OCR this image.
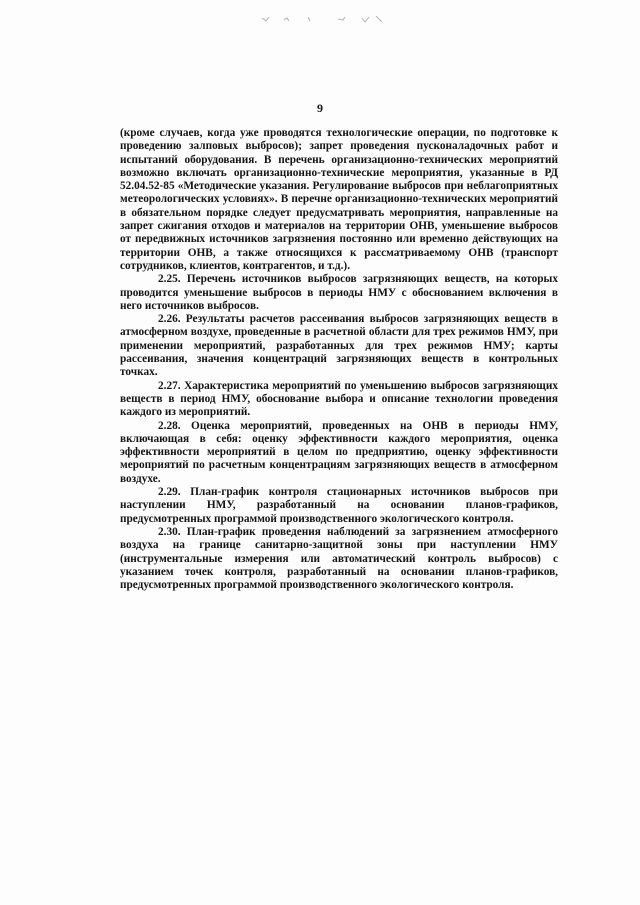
9

(кроме случаев, когда уже проводятся технологические операции, по подготовке к проведению залповых выбросов); запрет проведения пусконаладочных работ и испытаний оборудования. В перечень организационно-технических мероприятий возможно включать организационно-технические мероприятия, указанные в РД 52.04.52-85 «Методические указания. Регулирование выбросов при неблагоприятных метеорологических условиях». В перечне организационно-технических мероприятий в обязательном порядке следует предусматривать мероприятия, направленные на запрет сжигания отходов и материалов на территории ОНВ, уменьшение выбросов от передвижных источников загрязнения постоянно или временно действующих на территории ОНВ, а также относящихся к рассматриваемому ОНВ (транспорт сотрудников, клиентов, контрагентов, и т.д.).

2.25. Перечень источников выбросов загрязняющих веществ, на которых проводится уменьшение выбросов в периоды НМУ с обоснованием включения в него источников выбросов.

2.26. Результаты расчетов рассеивания выбросов загрязняющих веществ в атмосферном воздухе, проведенные в расчетной области для трех режимов НМУ, при применении мероприятий, разработанных для трех режимов НМУ; карты рассеивания, значения концентраций загрязняющих веществ в контрольных точках.

2.27. Характеристика мероприятий по уменьшению выбросов загрязняющих веществ в период НМУ, обоснование выбора и описание технологии проведения каждого из мероприятий.

2.28. Оценка мероприятий, проведенных на ОНВ в периоды НМУ, включающая в себя: оценку эффективности каждого мероприятия, оценка эффективности мероприятий в целом по предприятию, оценку эффективности мероприятий по расчетным концентрациям загрязняющих веществ в атмосферном воздухе.

2.29. План-график контроля стационарных источников выбросов при наступлении НМУ, разработанный на основании планов-графиков, предусмотренных программой производственного экологического контроля.

2.30. План-график проведения наблюдений за загрязнением атмосферного воздуха на границе санитарно-защитной зоны при наступлении НМУ (инструментальные измерения или автоматический контроль выбросов) с указанием точек контроля, разработанный на основании планов-графиков, предусмотренных программой производственного экологического контроля.
